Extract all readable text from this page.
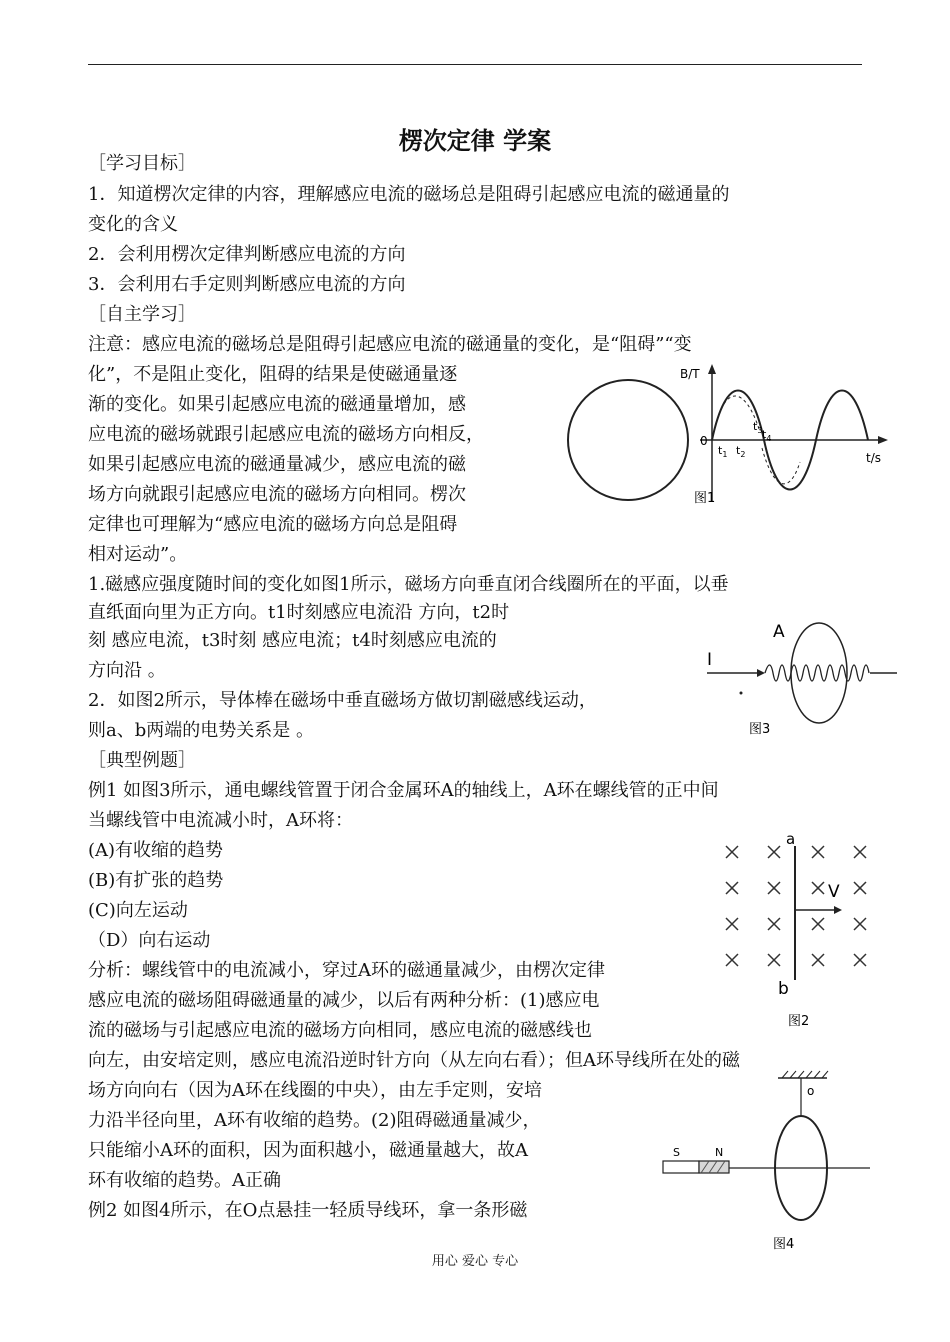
楞次定律 学案
［学习目标］
1．知道楞次定律的内容，理解感应电流的磁场总是阻碍引起感应电流的磁通量的
变化的含义
2．会利用楞次定律判断感应电流的方向
3．会利用右手定则判断感应电流的方向
［自主学习］
注意：感应电流的磁场总是阻碍引起感应电流的磁通量的变化，是“阻碍”“变
化”，不是阻止变化，阻碍的结果是使磁通量逐
渐的变化。如果引起感应电流的磁通量增加，感
应电流的磁场就跟引起感应电流的磁场方向相反，
如果引起感应电流的磁通量减少，感应电流的磁
场方向就跟引起感应电流的磁场方向相同。楞次
定律也可理解为“感应电流的磁场方向总是阻碍
相对运动”。
1.磁感应强度随时间的变化如图1所示，磁场方向垂直闭合线圈所在的平面，以垂
直纸面向里为正方向。t1时刻感应电流沿 方向，t2时
刻 感应电流，t3时刻 感应电流；t4时刻感应电流的
方向沿 。
2．如图2所示，导体棒在磁场中垂直磁场方做切割磁感线运动，
则a、b两端的电势关系是 。
［典型例题］
例1 如图3所示，通电螺线管置于闭合金属环A的轴线上，A环在螺线管的正中间
当螺线管中电流减小时，A环将：
(A)有收缩的趋势
(B)有扩张的趋势
(C)向左运动
（D）向右运动
分析：螺线管中的电流减小，穿过A环的磁通量减少，由楞次定律
感应电流的磁场阻碍磁通量的减少，以后有两种分析：(1)感应电
流的磁场与引起感应电流的磁场方向相同，感应电流的磁感线也
向左，由安培定则，感应电流沿逆时针方向（从左向右看）；但A环导线所在处的磁
场方向向右（因为A环在线圈的中央），由左手定则，安培
力沿半径向里，A环有收缩的趋势。(2)阻碍磁通量减少，
只能缩小A环的面积，因为面积越小，磁通量越大，故A
环有收缩的趋势。A正确
例2 如图4所示，在O点悬挂一轻质导线环，拿一条形磁
B/T
t/s
0
$t_1$ $t_2$
$t_3$ $t_4$
图1
A
I
图3
a
b
V
图2
o
S	N
图4
用心 爱心 专心
